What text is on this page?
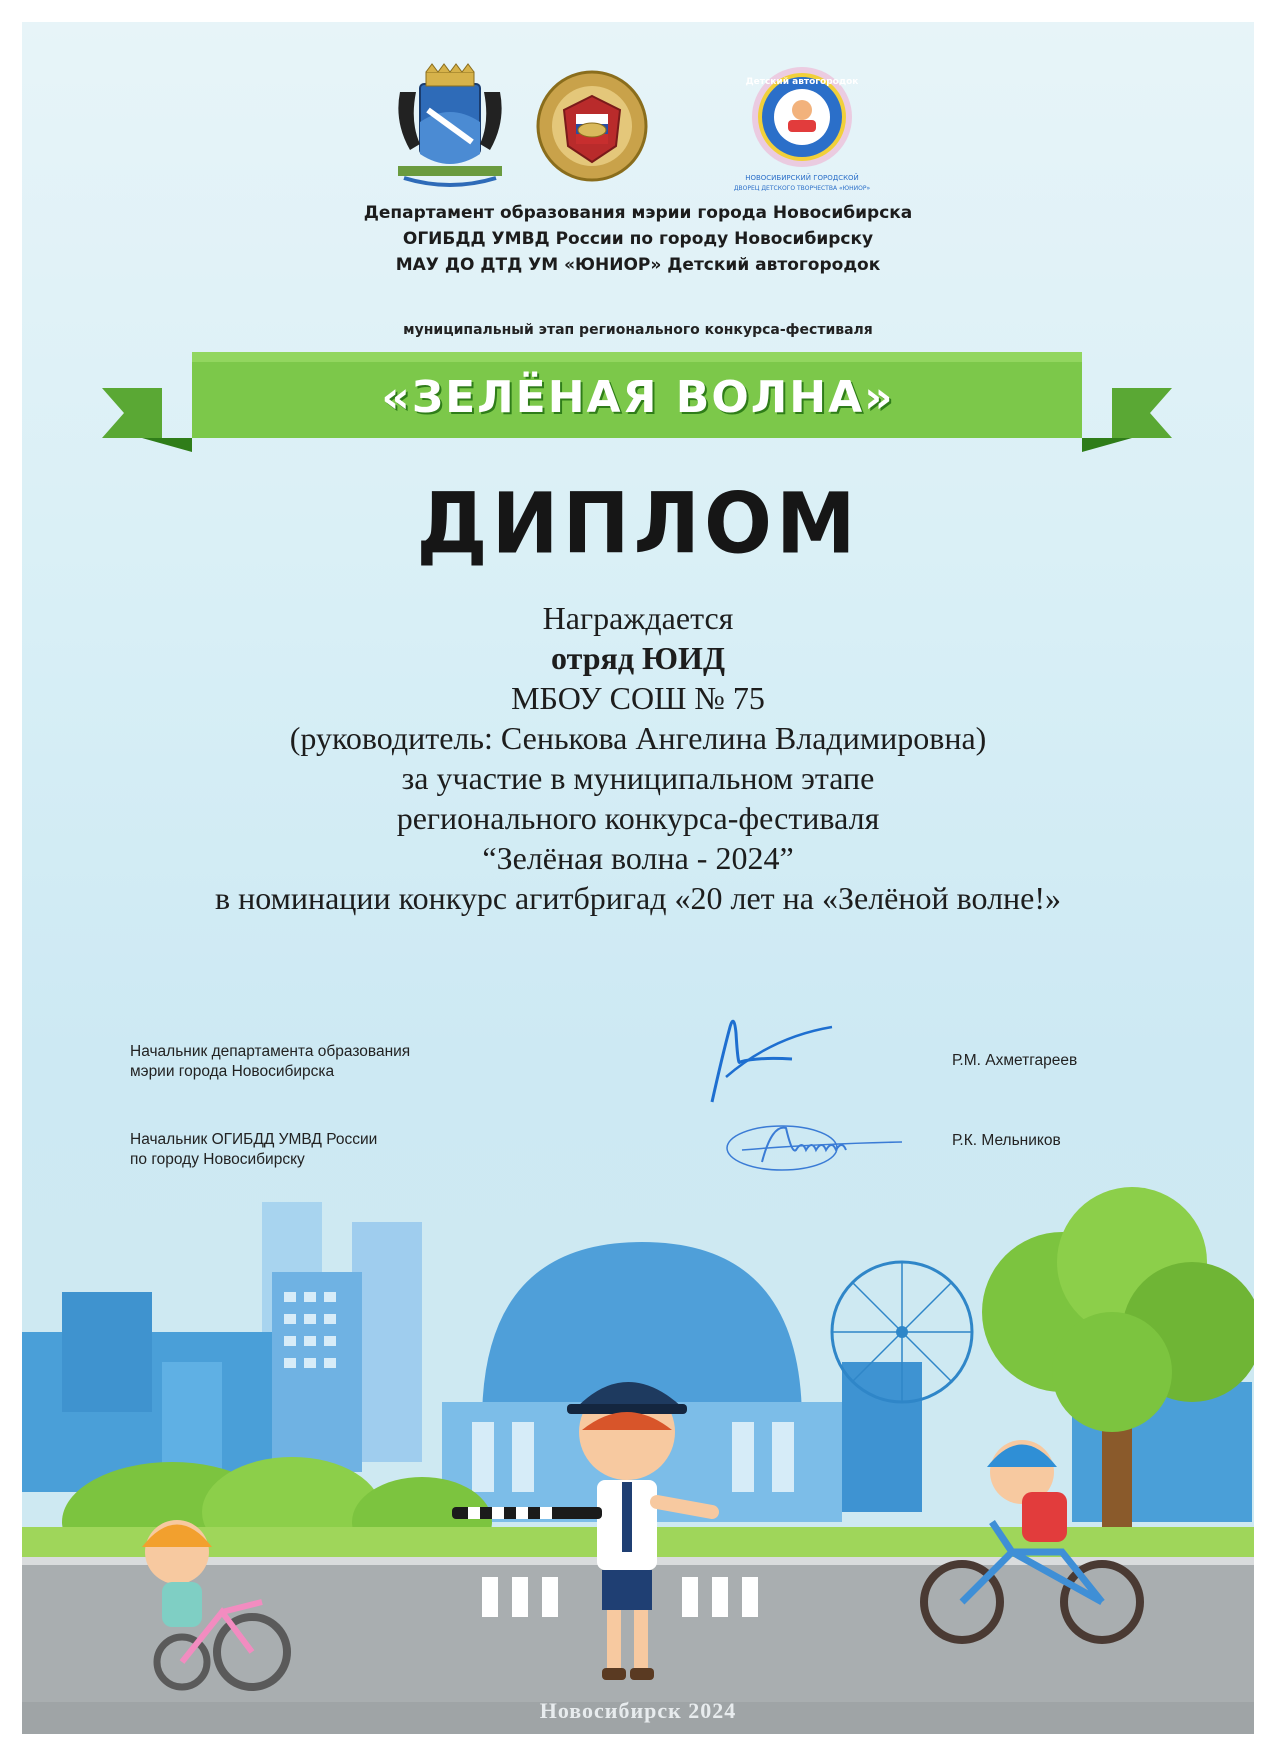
Детский автогородок
НОВОСИБИРСКИЙ ГОРОДСКОЙ
ДВОРЕЦ ДЕТСКОГО ТВОРЧЕСТВА «ЮНИОР»
Департамент образования мэрии города Новосибирска
ОГИБДД УМВД России по городу Новосибирску
МАУ ДО ДТД УМ «ЮНИОР» Детский автогородок
муниципальный этап регионального конкурса-фестиваля
«ЗЕЛЁНАЯ ВОЛНА»
ДИПЛОМ
Награждается
отряд ЮИД
МБОУ СОШ № 75
(руководитель: Сенькова Ангелина Владимировна)
за участие в муниципальном этапе
регионального конкурса-фестиваля
“Зелёная волна - 2024”
в номинации конкурс агитбригад «20 лет на «Зелёной волне!»
Начальник департамента образования
мэрии города Новосибирска
Р.М. Ахметгареев
Начальник ОГИБДД УМВД России
по городу Новосибирску
Р.К. Мельников
Новосибирск 2024
